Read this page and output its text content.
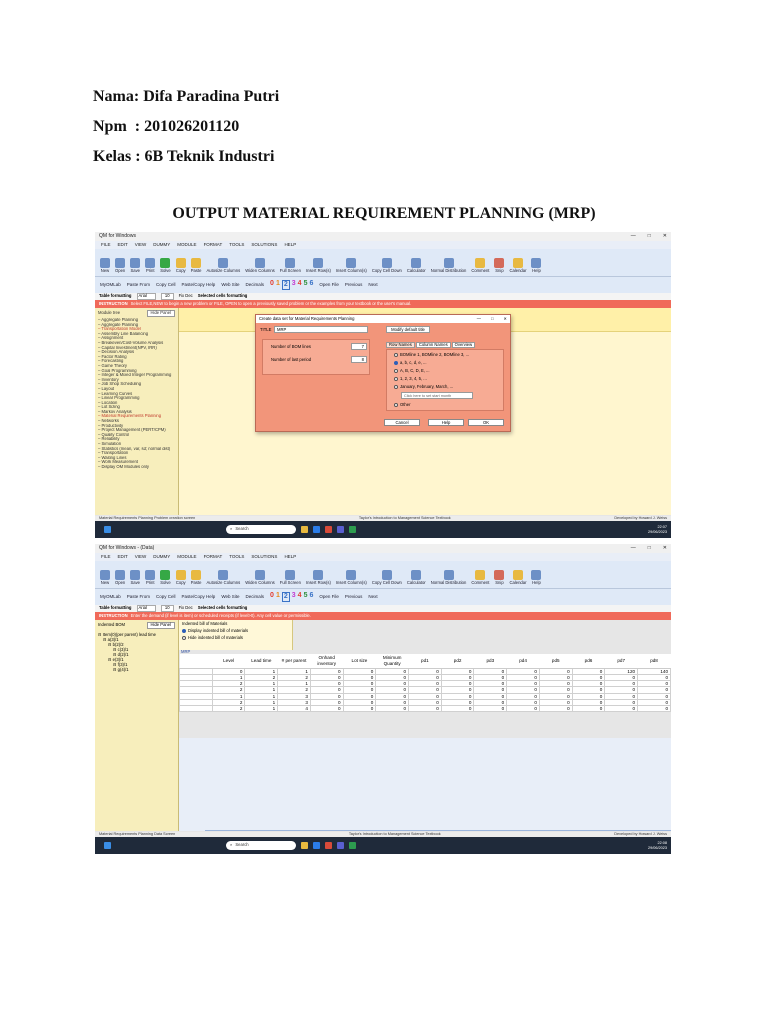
Nama: Difa Paradina Putri
Npm  : 201026201120
Kelas : 6B Teknik Industri
OUTPUT MATERIAL REQUIREMENT PLANNING (MRP)
QM for Windows	— □ ✕
FILE EDIT VIEW DUMMY MODULE FORMAT TOOLS SOLUTIONS HELP
New Open Save Print Solve Copy Paste Autosize Columns Widen Columns Full Screen Insert Row(s) Insert Column(s) Copy Cell Down Calculator Normal Distribution Comment Snip Calendar Help
MyOMLab Paste From Copy Cell Paste/Copy Help Web Site Decimals 0 1 2 3 4 5 6 Open File Previous Next
Table formatting	Arial	10	Fix Dec Selected cells formatting
INSTRUCTION Select FILE,NEW to begin a new problem or FILE, OPEN to open a previously saved problem or the examples from your textbook or the user's manual.
Module tree	Hide Panel
– Aggregate Planning
– Aggregate Planning
– Transportation Model
– Assembly Line Balancing
– Assignment
– Breakeven/Cost-Volume Analysis
– Capital Investment(NPV, IRR)
– Decision Analysis
– Factor Rating
– Forecasting
– Game Theory
– Goal Programming
– Integer & Mixed Integer Programming
– Inventory
– Job Shop Scheduling
– Layout
– Learning Curves
– Linear Programming
– Location
– Lot Sizing
– Markov Analysis
– Material Requirements Planning
– Networks
– Productivity
– Project Management (PERT/CPM)
– Quality Control
– Reliability
– Simulation
– Statistics (mean, var, sd; normal dist)
– Transportation
– Waiting Lines
– Work Measurement
– Display OM Modules only
Create data set for Material Requirements Planning	— □ ✕
TITLE	MRP	Modify default title
Number of BOM lines	7
Number of last period	8
Row Names	Column Names	Overview
BOMline 1, BOMline 2, BOMline 3, ...
a, b, c, d, e, ...
A, B, C, D, E, ...
1, 2, 3, 4, 5, ...
January, February, March, ...
Click here to set start month
Other
Cancel	Help	OK
Material Requirements Planning Problem creation screen	Taylor's Introduction to Management Science Textbook	Developed by Howard J. Weiss
⌕ Search	22:07
29/06/2023
QM for Windows - (Data)	— □ ✕
FILE EDIT VIEW DUMMY MODULE FORMAT TOOLS SOLUTIONS HELP
New Open Save Print Solve Copy Paste Autosize Columns Widen Columns Full Screen Insert Row(s) Insert Column(s) Copy Cell Down Calculator Normal Distribution Comment Snip Calendar Help
MyOMLab Paste From Copy Cell Paste/Copy Help Web Site Decimals 0 1 2 3 4 5 6 Open File Previous Next
Table formatting	Arial	10	Fix Dec Selected cells formatting
INSTRUCTION Enter the demand (if level is item) or scheduled receipts (if level>0). Any cell value or permissible.
Indented BOM	Hide Panel
⊟ Item(0)(per parent) lead time
⊟ a(3)/1
⊟ b(2)/2
⊟ c(3)/1
⊟ d(2)/1
⊟ e(3)/1
⊟ f(3)/1
⊟ g(4)/1
Indented bill of Materials
Display indented bill of materials
Hide indented bill of materials
MRP
	Level	Lead time	# per parent	Onhand inventory	Lot size	Minimum Quantity	pd1	pd2	pd3	pd4	pd5	pd6	pd7	pd8
	0	1	1	0	0	0	0	0	0	0	0	0	120	140
	1	2	2	0	0	0	0	0	0	0	0	0	0	0
	2	1	1	0	0	0	0	0	0	0	0	0	0	0
	2	1	2	0	0	0	0	0	0	0	0	0	0	0
	1	1	3	0	0	0	0	0	0	0	0	0	0	0
	2	1	3	0	0	0	0	0	0	0	0	0	0	0
	2	1	4	0	0	0	0	0	0	0	0	0	0	0
Material Requirements Planning Data Screen	Taylor's Introduction to Management Science Textbook	Developed by Howard J. Weiss
⌕ Search	22:08
29/06/2023
